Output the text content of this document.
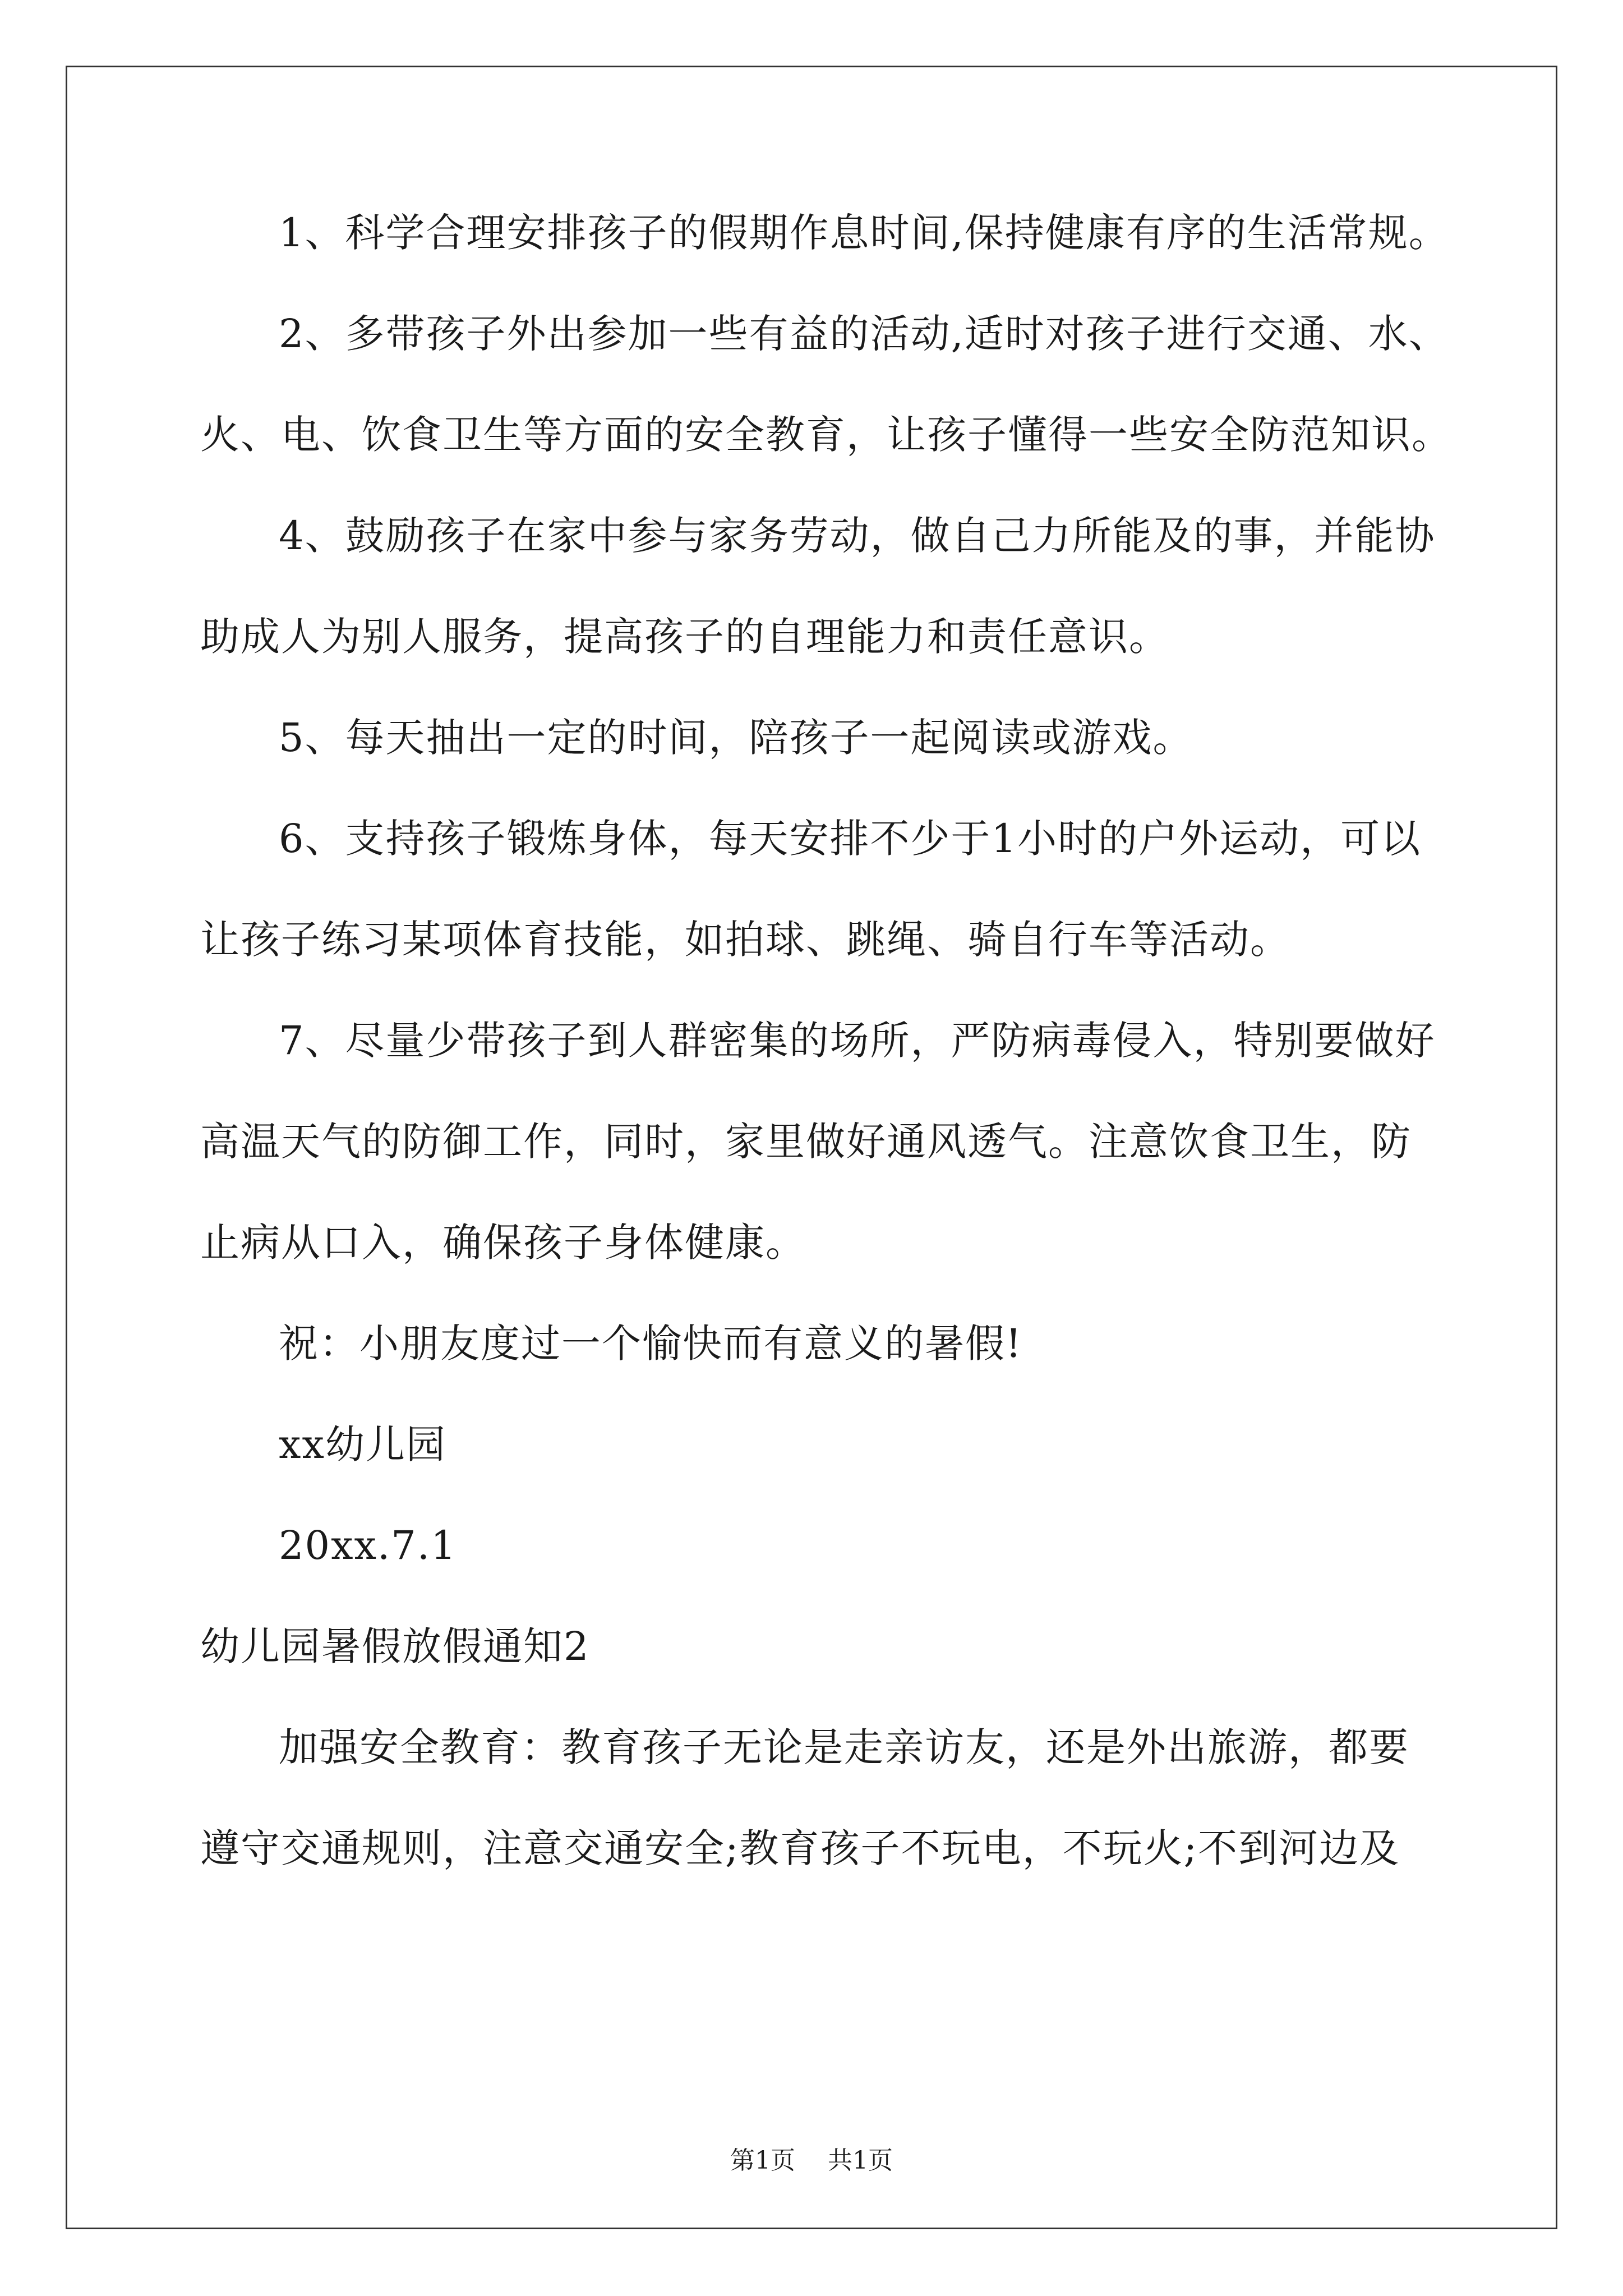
1、科学合理安排孩子的假期作息时间,保持健康有序的生活常规。
2、多带孩子外出参加一些有益的活动,适时对孩子进行交通、水、
火、电、饮食卫生等方面的安全教育，让孩子懂得一些安全防范知识。
4、鼓励孩子在家中参与家务劳动，做自己力所能及的事，并能协
助成人为别人服务，提高孩子的自理能力和责任意识。
5、每天抽出一定的时间，陪孩子一起阅读或游戏。
6、支持孩子锻炼身体，每天安排不少于1小时的户外运动，可以
让孩子练习某项体育技能，如拍球、跳绳、骑自行车等活动。
7、尽量少带孩子到人群密集的场所，严防病毒侵入，特别要做好
高温天气的防御工作，同时，家里做好通风透气。注意饮食卫生，防
止病从口入，确保孩子身体健康。
祝：小朋友度过一个愉快而有意义的暑假!
xx幼儿园
20xx.7.1
幼儿园暑假放假通知2
加强安全教育：教育孩子无论是走亲访友，还是外出旅游，都要
遵守交通规则，注意交通安全;教育孩子不玩电，不玩火;不到河边及
第1页 共1页
